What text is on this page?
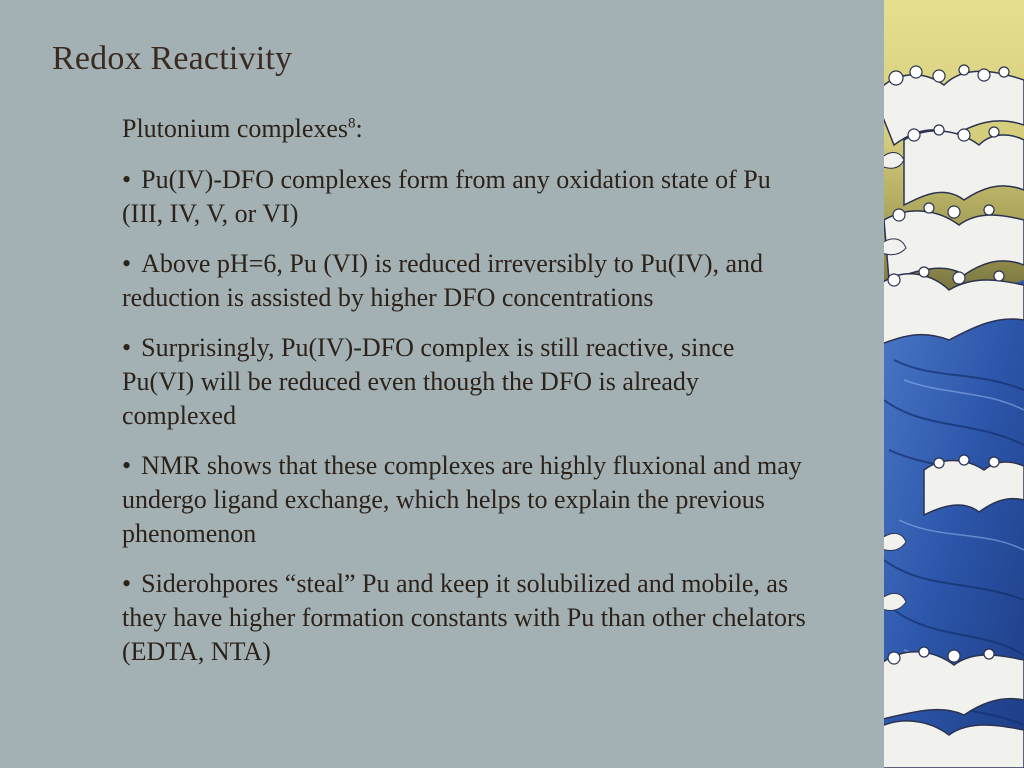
Redox Reactivity

Plutonium complexes$^8$:

• Pu(IV)-DFO complexes form from any oxidation state of Pu (III, IV, V, or VI)

• Above pH=6, Pu (VI) is reduced irreversibly to Pu(IV), and reduction is assisted by higher DFO concentrations

• Surprisingly, Pu(IV)-DFO complex is still reactive, since Pu(VI) will be reduced even though the DFO is already complexed

• NMR shows that these complexes are highly fluxional and may undergo ligand exchange, which helps to explain the previous phenomenon

• Siderohpores “steal” Pu and keep it solubilized and mobile, as they have higher formation constants with Pu than other chelators (EDTA, NTA)
